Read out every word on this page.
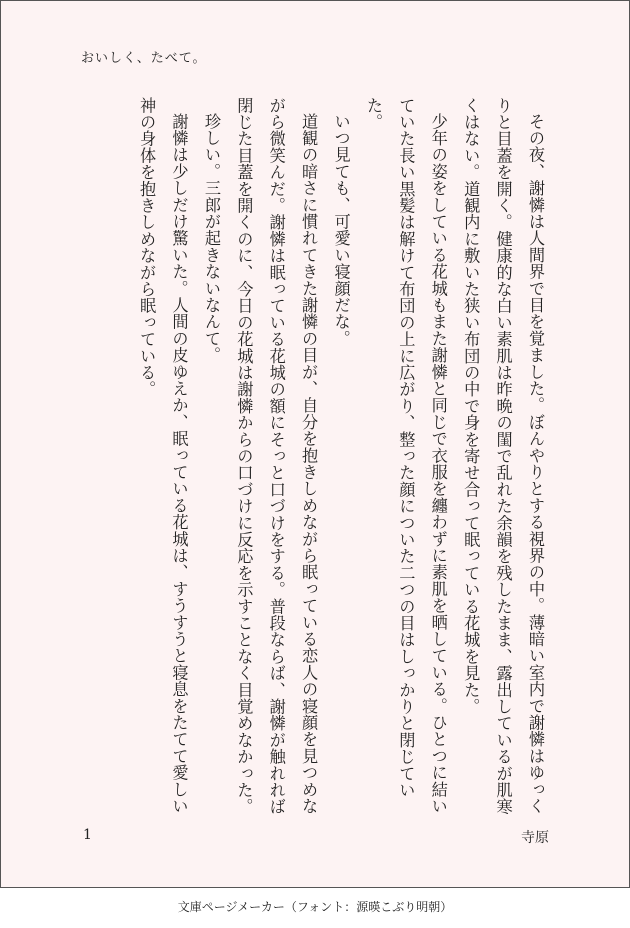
おいしく、たべて。

その夜、謝憐は人間界で目を覚ました。ぼんやりとする視界の中。薄暗い室内で謝憐はゆっくりと目蓋を開く。健康的な白い素肌は昨晩の閨で乱れた余韻を残したまま、露出しているが肌寒くはない。道観内に敷いた狭い布団の中で身を寄せ合って眠っている花城を見た。

少年の姿をしている花城もまた謝憐と同じで衣服を纏わずに素肌を晒している。ひとつに結いていた長い黒髪は解けて布団の上に広がり、整った顔についた二つの目はしっかりと閉じていた。

いつ見ても、可愛い寝顔だな。

道観の暗さに慣れてきた謝憐の目が、自分を抱きしめながら眠っている恋人の寝顔を見つめながら微笑んだ。謝憐は眠っている花城の額にそっと口づけをする。普段ならば、謝憐が触れれば閉じた目蓋を開くのに、今日の花城は謝憐からの口づけに反応を示すことなく目覚めなかった。

珍しい。三郎が起きないなんて。

謝憐は少しだけ驚いた。人間の皮ゆえか、眠っている花城は、すうすうと寝息をたてて愛しい神の身体を抱きしめながら眠っている。

1	寺原
文庫ページメーカー（フォント：源暎こぶり明朝）
